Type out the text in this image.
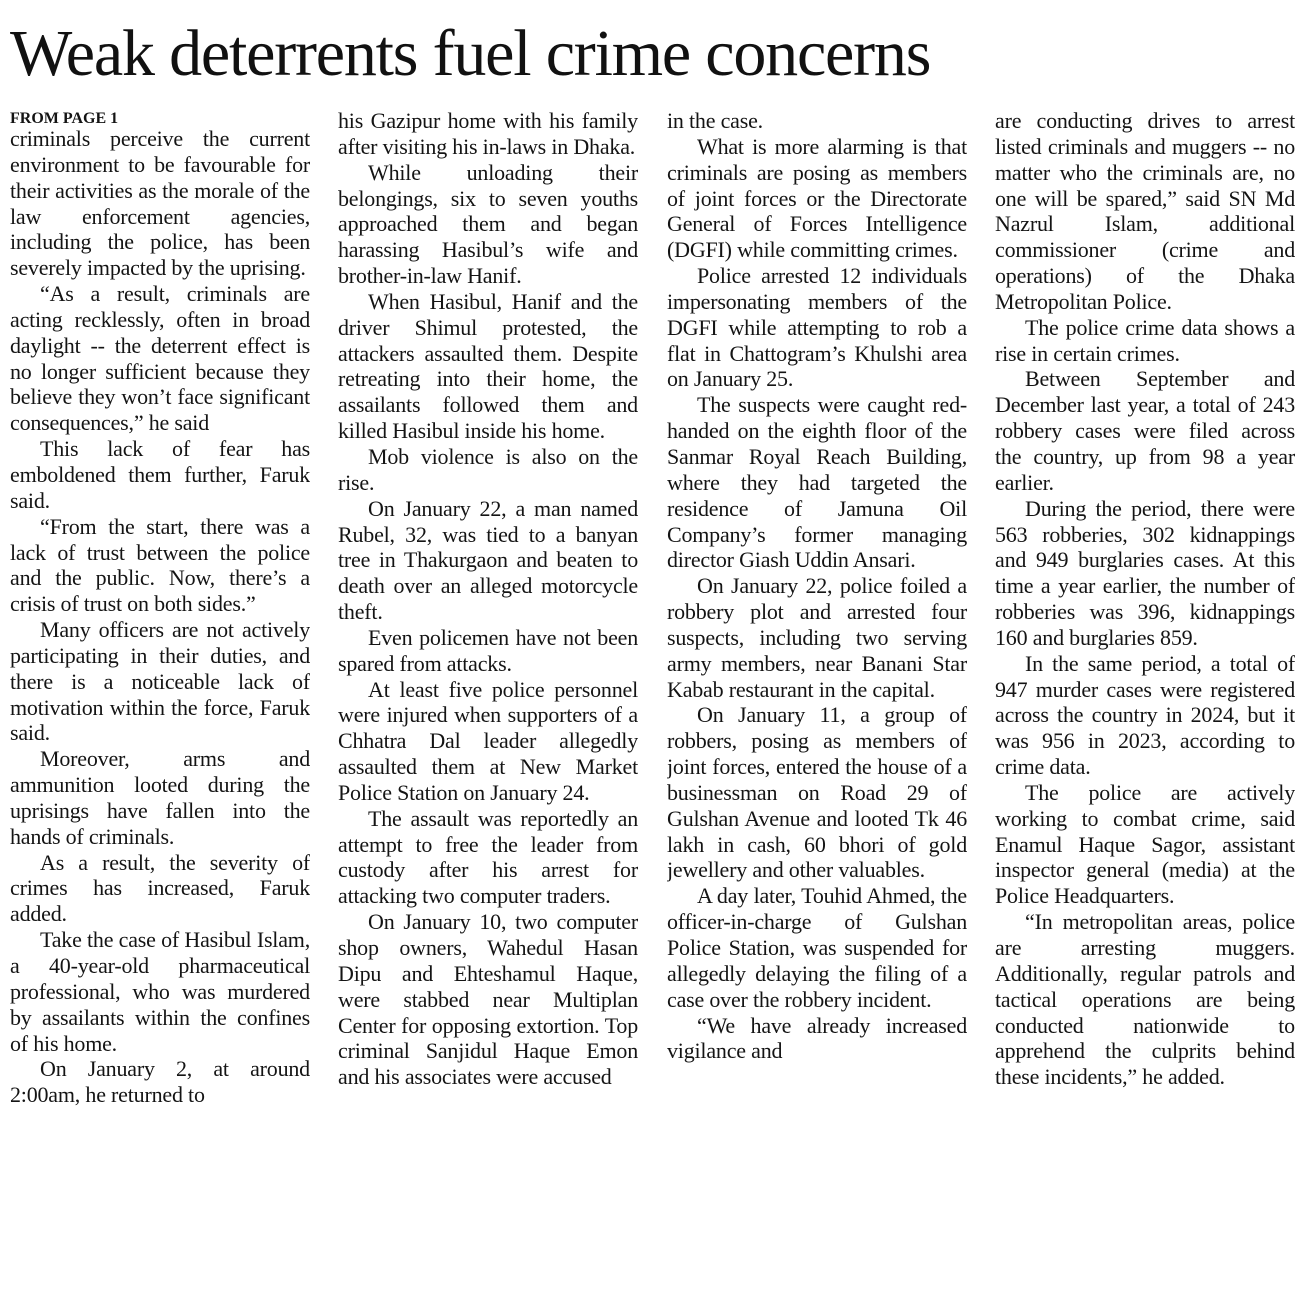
Weak deterrents fuel crime concerns
FROM PAGE 1

criminals perceive the current environment to be favourable for their activities as the morale of the law enforcement agencies, including the police, has been severely impacted by the uprising.

“As a result, criminals are acting recklessly, often in broad daylight -- the deterrent effect is no longer sufficient because they believe they won’t face significant consequences,” he said

This lack of fear has emboldened them further, Faruk said.

“From the start, there was a lack of trust between the police and the public. Now, there’s a crisis of trust on both sides.”

Many officers are not actively participating in their duties, and there is a noticeable lack of motivation within the force, Faruk said.

Moreover, arms and ammunition looted during the uprisings have fallen into the hands of criminals.

As a result, the severity of crimes has increased, Faruk added.

Take the case of Hasibul Islam, a 40-year-old pharmaceutical professional, who was murdered by assailants within the confines of his home.

On January 2, at around 2:00am, he returned to

his Gazipur home with his family after visiting his in-laws in Dhaka.

While unloading their belongings, six to seven youths approached them and began harassing Hasibul’s wife and brother-in-law Hanif.

When Hasibul, Hanif and the driver Shimul protested, the attackers assaulted them. Despite retreating into their home, the assailants followed them and killed Hasibul inside his home.

Mob violence is also on the rise.

On January 22, a man named Rubel, 32, was tied to a banyan tree in Thakurgaon and beaten to death over an alleged motorcycle theft.

Even policemen have not been spared from attacks.

At least five police personnel were injured when supporters of a Chhatra Dal leader allegedly assaulted them at New Market Police Station on January 24.

The assault was reportedly an attempt to free the leader from custody after his arrest for attacking two computer traders.

On January 10, two computer shop owners, Wahedul Hasan Dipu and Ehteshamul Haque, were stabbed near Multiplan Center for opposing extortion. Top criminal Sanjidul Haque Emon and his associates were accused

in the case.

What is more alarming is that criminals are posing as members of joint forces or the Directorate General of Forces Intelligence (DGFI) while committing crimes.

Police arrested 12 individuals impersonating members of the DGFI while attempting to rob a flat in Chattogram’s Khulshi area on January 25.

The suspects were caught red-handed on the eighth floor of the Sanmar Royal Reach Building, where they had targeted the residence of Jamuna Oil Company’s former managing director Giash Uddin Ansari.

On January 22, police foiled a robbery plot and arrested four suspects, including two serving army members, near Banani Star Kabab restaurant in the capital.

On January 11, a group of robbers, posing as members of joint forces, entered the house of a businessman on Road 29 of Gulshan Avenue and looted Tk 46 lakh in cash, 60 bhori of gold jewellery and other valuables.

A day later, Touhid Ahmed, the officer-in-charge of Gulshan Police Station, was suspended for allegedly delaying the filing of a case over the robbery incident.

“We have already increased vigilance and

are conducting drives to arrest listed criminals and muggers -- no matter who the criminals are, no one will be spared,” said SN Md Nazrul Islam, additional commissioner (crime and operations) of the Dhaka Metropolitan Police.

The police crime data shows a rise in certain crimes.

Between September and December last year, a total of 243 robbery cases were filed across the country, up from 98 a year earlier.

During the period, there were 563 robberies, 302 kidnappings and 949 burglaries cases. At this time a year earlier, the number of robberies was 396, kidnappings 160 and burglaries 859.

In the same period, a total of 947 murder cases were registered across the country in 2024, but it was 956 in 2023, according to crime data.

The police are actively working to combat crime, said Enamul Haque Sagor, assistant inspector general (media) at the Police Headquarters.

“In metropolitan areas, police are arresting muggers. Additionally, regular patrols and tactical operations are being conducted nationwide to apprehend the culprits behind these incidents,” he added.
